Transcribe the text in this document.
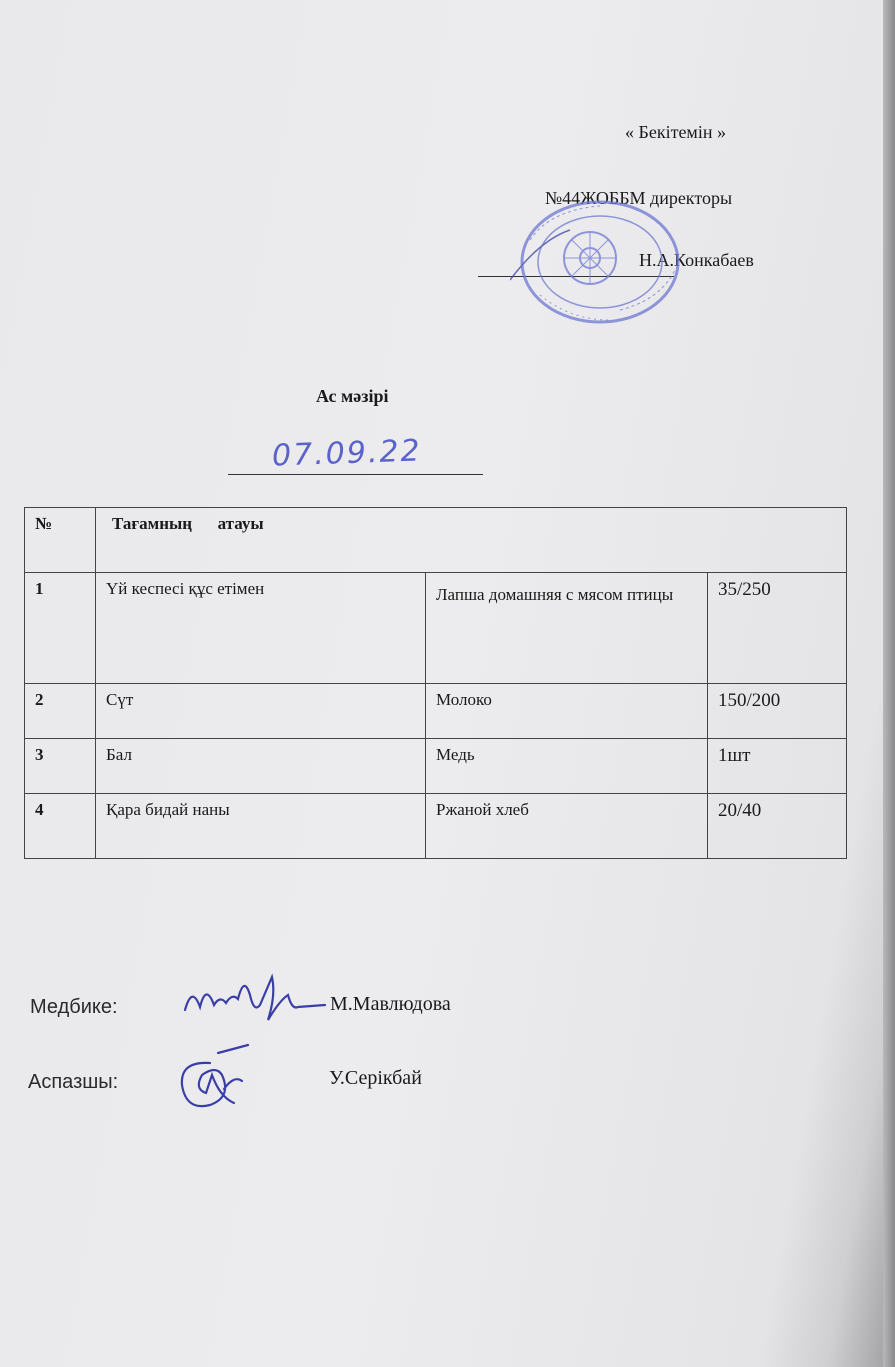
« Бекітемін »
№44ЖОББМ директоры
Н.А.Конкабаев
Ас мәзірі
07.09.22
№	Тағамның      атауы		
1	Үй кеспесі құс етімен	Лапша домашняя с мясом птицы	35/250
2	Сүт	Молоко	150/200
3	Бал	Медь	1шт
4	Қара бидай наны	Ржаной хлеб	20/40
Медбике:	М.Мавлюдова
Аспазшы:	У.Серікбай
